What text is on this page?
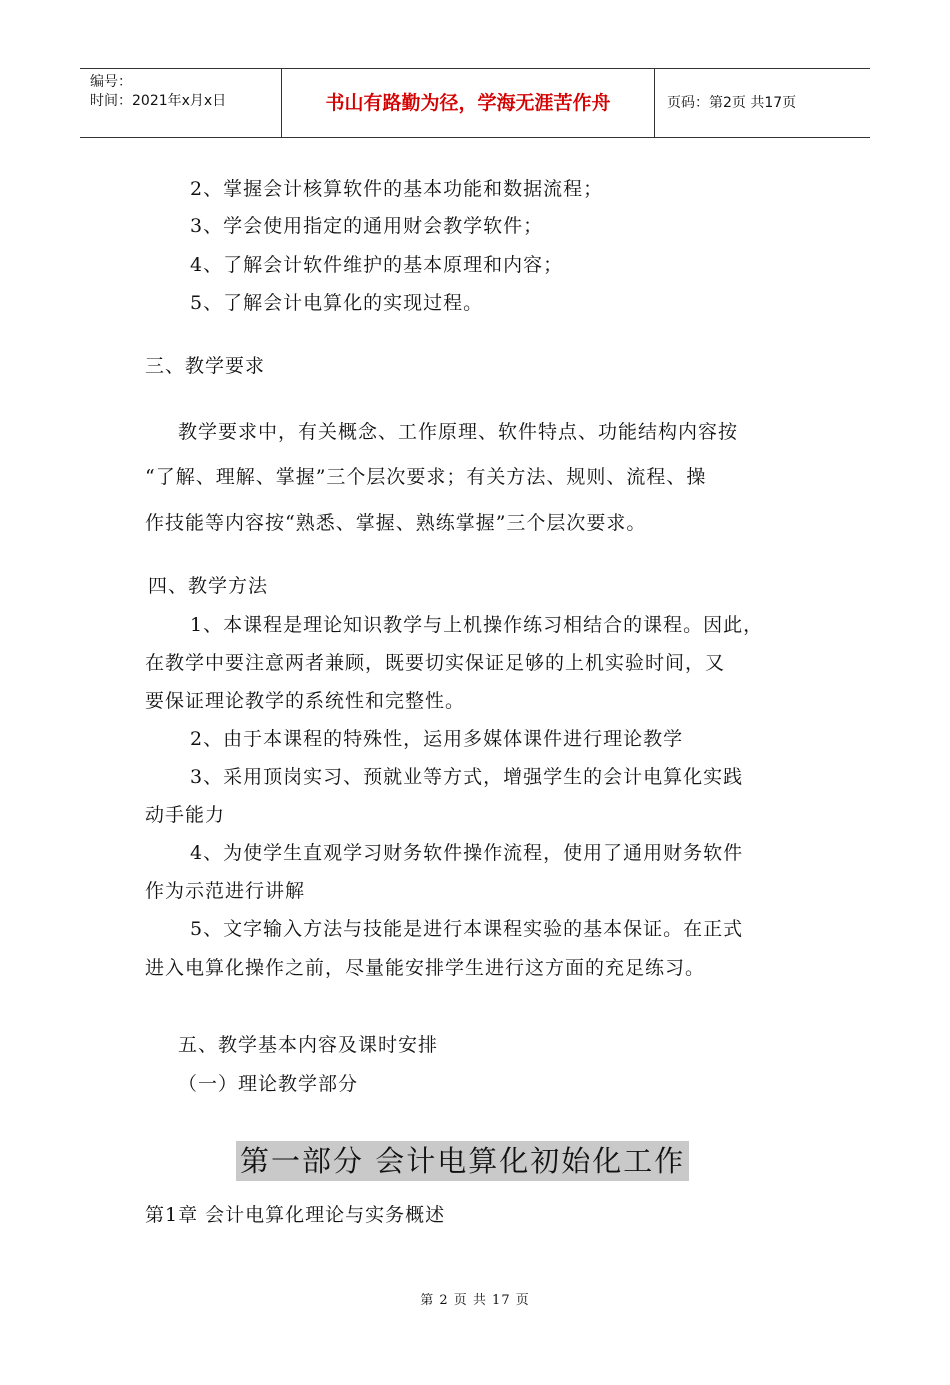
编号：
时间：2021年x月x日	书山有路勤为径，学海无涯苦作舟	页码：第2页 共17页
2、掌握会计核算软件的基本功能和数据流程；
3、学会使用指定的通用财会教学软件；
4、了解会计软件维护的基本原理和内容；
5、了解会计电算化的实现过程。
三、教学要求
教学要求中，有关概念、工作原理、软件特点、功能结构内容按
“了解、理解、掌握”三个层次要求；有关方法、规则、流程、操
作技能等内容按“熟悉、掌握、熟练掌握”三个层次要求。
四、教学方法
1、本课程是理论知识教学与上机操作练习相结合的课程。因此，
在教学中要注意两者兼顾，既要切实保证足够的上机实验时间，又
要保证理论教学的系统性和完整性。
2、由于本课程的特殊性，运用多媒体课件进行理论教学
3、采用顶岗实习、预就业等方式，增强学生的会计电算化实践
动手能力
4、为使学生直观学习财务软件操作流程，使用了通用财务软件
作为示范进行讲解
5、文字输入方法与技能是进行本课程实验的基本保证。在正式
进入电算化操作之前，尽量能安排学生进行这方面的充足练习。
五、教学基本内容及课时安排
（一）理论教学部分
第一部分 会计电算化初始化工作
第1章 会计电算化理论与实务概述
第 2 页 共 17 页
